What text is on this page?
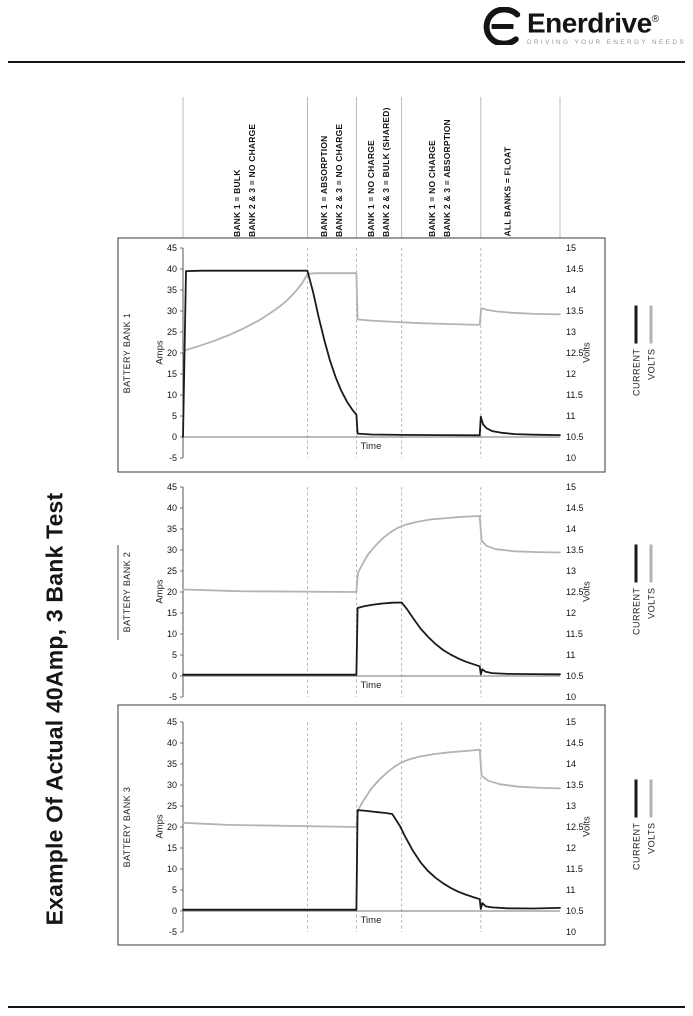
Enerdrive®
DRIVING YOUR ENERGY NEEDS
Example Of Actual 40Amp, 3 Bank Test
BANK 1 = BULK BANK 2 & 3 = NO CHARGE	BANK 1 = ABSORPTION BANK 2 & 3 = NO CHARGE	BANK 1 = NO CHARGE BANK 2 & 3 = BULK (SHARED)	BANK 1 = NO CHARGE BANK 2 & 3 = ABSORPTION	ALL BANKS = FLOAT
45
40
35
30
25
20
15
10
5
0
-5
15
14.5
14
13.5
13
12.5
12
11.5
11
10.5
10
45
40
35
30
25
20
15
10
5
0
-5
15
14.5
14
13.5
13
12.5
12
11.5
11
10.5
10
45
40
35
30
25
20
15
10
5
0
-5
15
14.5
14
13.5
13
12.5
12
11.5
11
10.5
10
BATTERY BANK 1
BATTERY BANK 2
BATTERY BANK 3
Amps
Amps
Amps
Volts
Volts
Volts
Time
Time
Time
CURRENT VOLTS
CURRENT VOLTS
CURRENT VOLTS
